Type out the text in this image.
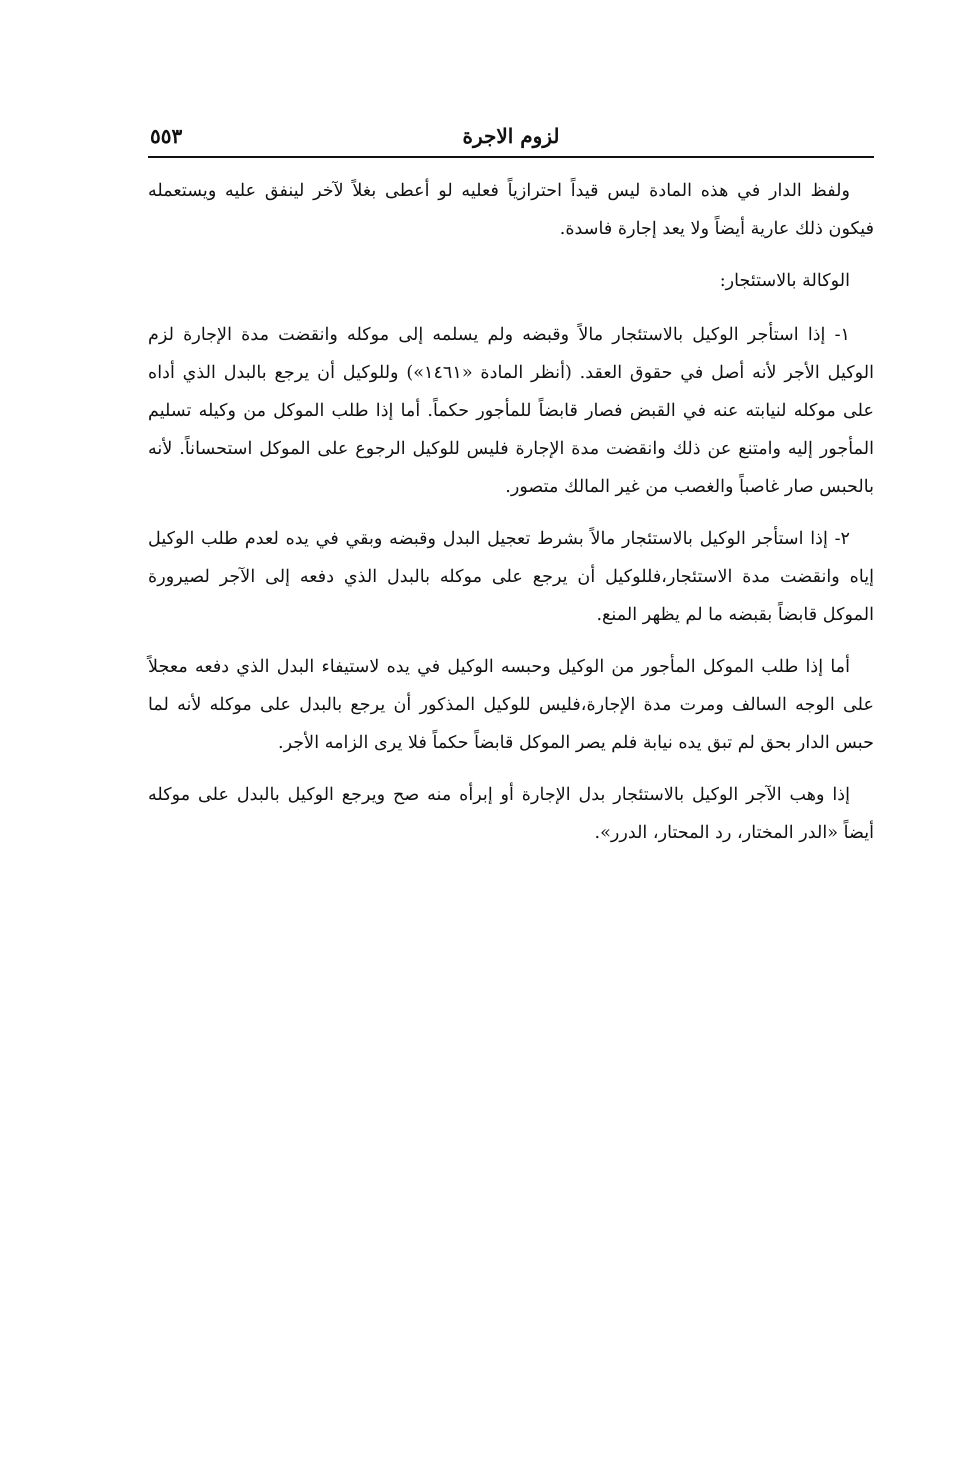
لزوم الاجرة
٥٥٣

ولفظ الدار في هذه المادة ليس قيداً احترازياً فعليه لو أعطى بغلاً لآخر لينفق عليه ويستعمله فيكون ذلك عارية أيضاً ولا يعد إجارة فاسدة.

الوكالة بالاستئجار:

١- إذا استأجر الوكيل بالاستئجار مالاً وقبضه ولم يسلمه إلى موكله وانقضت مدة الإجارة لزم الوكيل الأجر لأنه أصل في حقوق العقد. (أنظر المادة «١٤٦١») وللوكيل أن يرجع بالبدل الذي أداه على موكله لنيابته عنه في القبض فصار قابضاً للمأجور حكماً. أما إذا طلب الموكل من وكيله تسليم المأجور إليه وامتنع عن ذلك وانقضت مدة الإجارة فليس للوكيل الرجوع على الموكل استحساناً. لأنه بالحبس صار غاصباً والغصب من غير المالك متصور.

٢- إذا استأجر الوكيل بالاستئجار مالاً بشرط تعجيل البدل وقبضه وبقي في يده لعدم طلب الوكيل إياه وانقضت مدة الاستئجار،فللوكيل أن يرجع على موكله بالبدل الذي دفعه إلى الآجر لصيرورة الموكل قابضاً بقبضه ما لم يظهر المنع.

أما إذا طلب الموكل المأجور من الوكيل وحبسه الوكيل في يده لاستيفاء البدل الذي دفعه معجلاً على الوجه السالف ومرت مدة الإجارة،فليس للوكيل المذكور أن يرجع بالبدل على موكله لأنه لما حبس الدار بحق لم تبق يده نيابة فلم يصر الموكل قابضاً حكماً فلا يرى الزامه الأجر.

إذا وهب الآجر الوكيل بالاستئجار بدل الإجارة أو إبرأه منه صح ويرجع الوكيل بالبدل على موكله أيضاً «الدر المختار، رد المحتار، الدرر».
